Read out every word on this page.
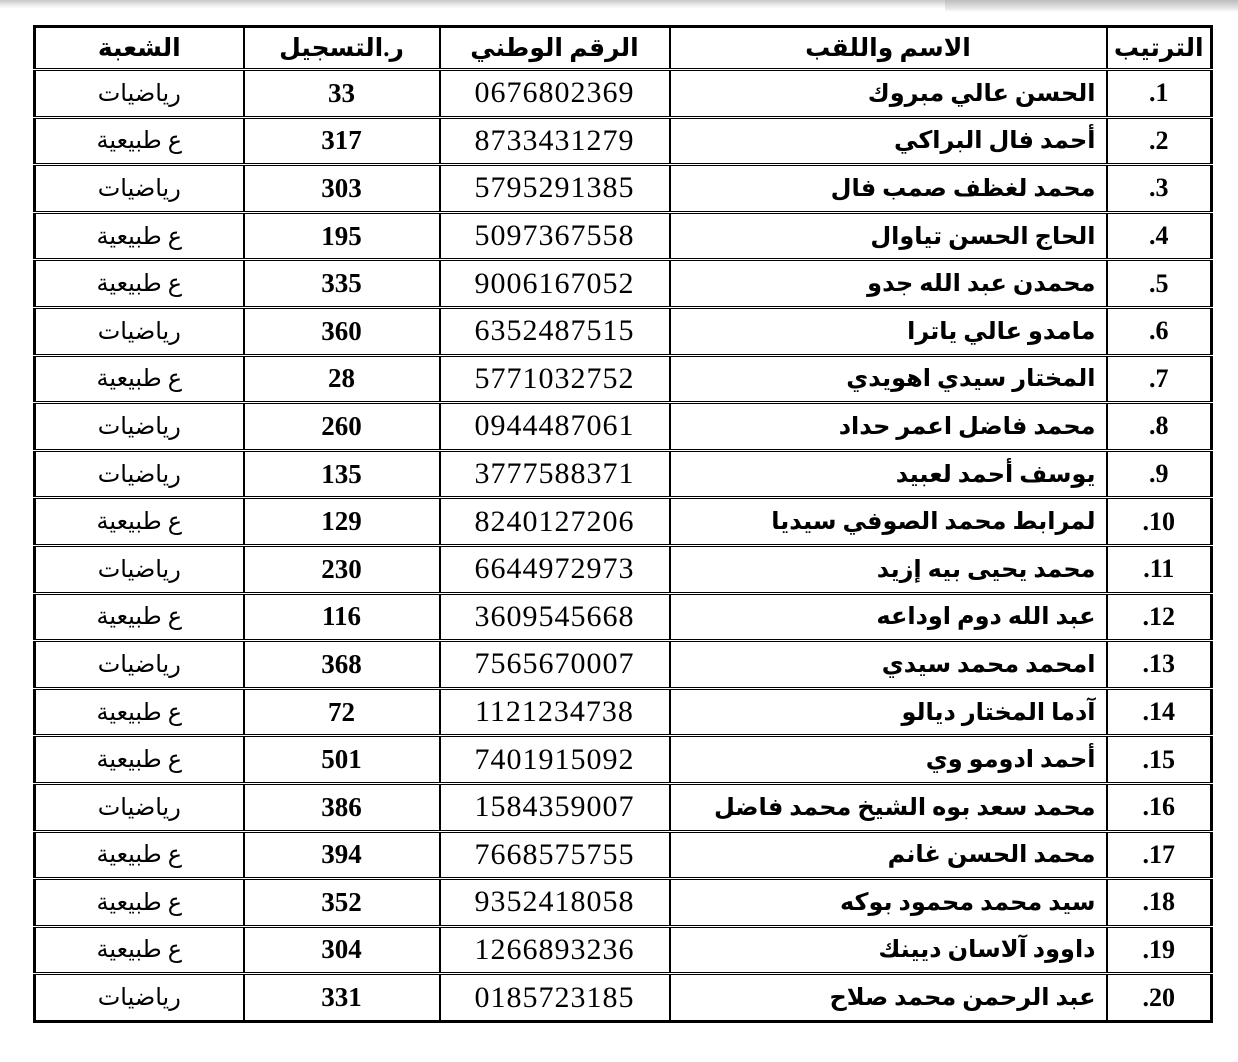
الترتيب	الاسم واللقب	الرقم الوطني	ر.التسجيل	الشعبة
1.	الحسن عالي مبروك	0676802369	33	رياضيات
2.	أحمد فال البراكي	8733431279	317	ع طبيعية
3.	محمد لغظف صمب فال	5795291385	303	رياضيات
4.	الحاج الحسن تياوال	5097367558	195	ع طبيعية
5.	محمدن عبد الله جدو	9006167052	335	ع طبيعية
6.	مامدو عالي ياترا	6352487515	360	رياضيات
7.	المختار سيدي اهويدي	5771032752	28	ع طبيعية
8.	محمد فاضل اعمر حداد	0944487061	260	رياضيات
9.	يوسف أحمد لعبيد	3777588371	135	رياضيات
10.	لمرابط محمد الصوفي سيديا	8240127206	129	ع طبيعية
11.	محمد يحيى بيه إزيد	6644972973	230	رياضيات
12.	عبد الله دوم اوداعه	3609545668	116	ع طبيعية
13.	امحمد محمد سيدي	7565670007	368	رياضيات
14.	آدما المختار ديالو	1121234738	72	ع طبيعية
15.	أحمد ادومو وي	7401915092	501	ع طبيعية
16.	محمد سعد بوه الشيخ محمد فاضل	1584359007	386	رياضيات
17.	محمد الحسن غانم	7668575755	394	ع طبيعية
18.	سيد محمد محمود بوكه	9352418058	352	ع طبيعية
19.	داوود آلاسان ديينك	1266893236	304	ع طبيعية
20.	عبد الرحمن محمد صلاح	0185723185	331	رياضيات
